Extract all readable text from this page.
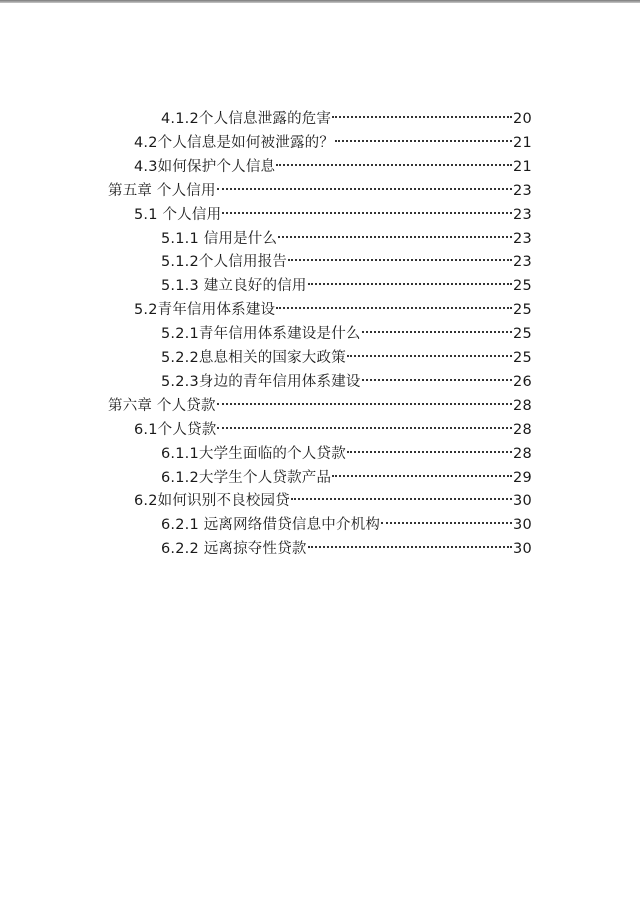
4.1.2个人信息泄露的危害	20
4.2个人信息是如何被泄露的？	21
4.3如何保护个人信息	21
第五章 个人信用	23
5.1 个人信用	23
5.1.1 信用是什么	23
5.1.2个人信用报告	23
5.1.3 建立良好的信用	25
5.2青年信用体系建设	25
5.2.1青年信用体系建设是什么	25
5.2.2息息相关的国家大政策	25
5.2.3身边的青年信用体系建设	26
第六章 个人贷款	28
6.1个人贷款	28
6.1.1大学生面临的个人贷款	28
6.1.2大学生个人贷款产品	29
6.2如何识别不良校园贷	30
6.2.1 远离网络借贷信息中介机构	30
6.2.2 远离掠夺性贷款	30
